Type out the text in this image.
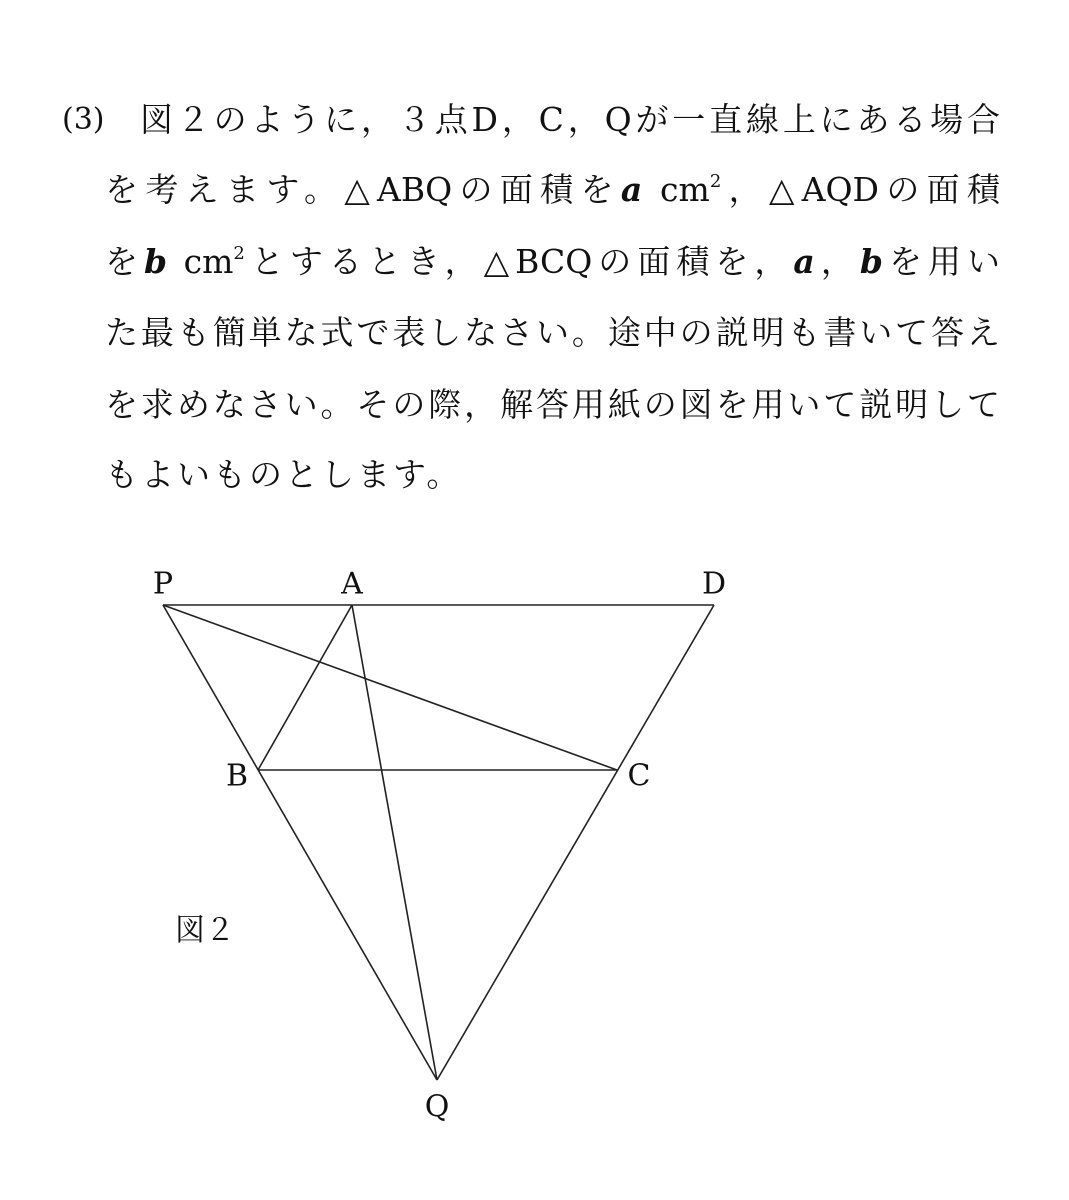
(3) 図２のように，３点D，C，Qが一直線上にある場合
を考えます。△ABQの面積をa $cm^2$，△AQDの面積
をb $cm^2$とするとき，△BCQの面積を，a，bを用い
た最も簡単な式で表しなさい。途中の説明も書いて答え
を求めなさい。その際，解答用紙の図を用いて説明して
もよいものとします。
P	A	D
B	C
Q
図２
